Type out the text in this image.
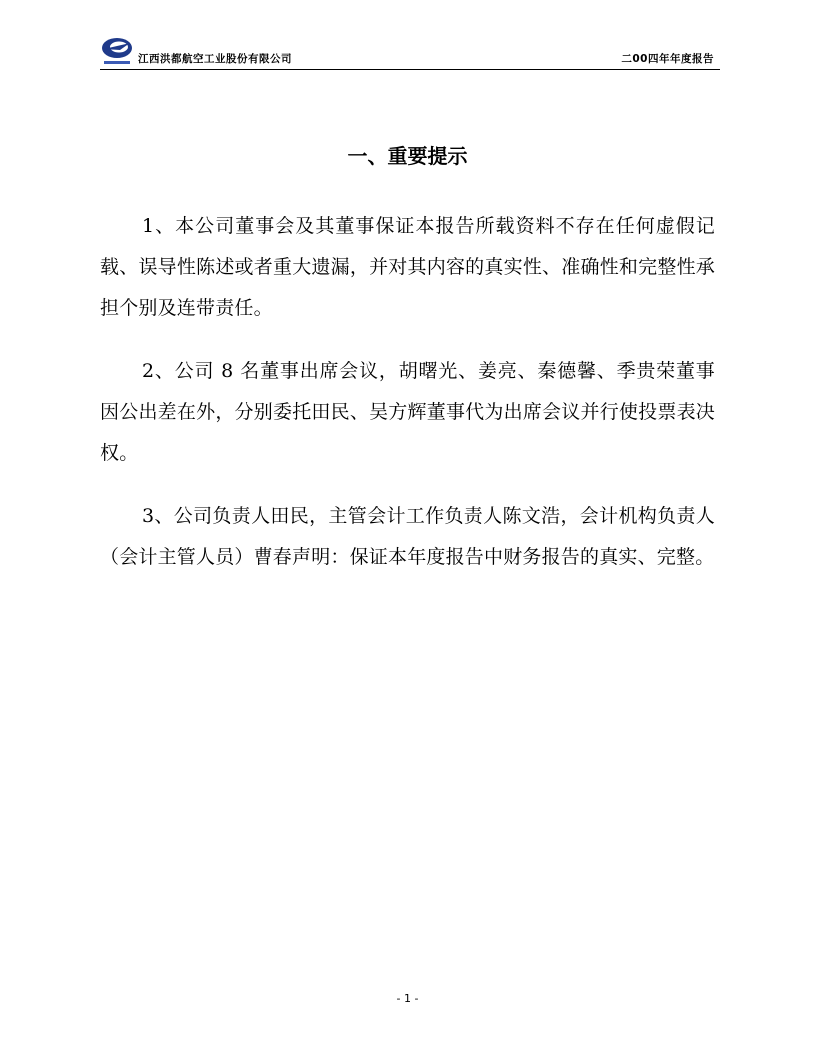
江西洪都航空工业股份有限公司	二00四年年度报告
一、重要提示

1、本公司董事会及其董事保证本报告所载资料不存在任何虚假记载、误导性陈述或者重大遗漏，并对其内容的真实性、准确性和完整性承担个别及连带责任。

2、公司 8 名董事出席会议，胡曙光、姜亮、秦德馨、季贵荣董事因公出差在外，分别委托田民、吴方辉董事代为出席会议并行使投票表决权。

3、公司负责人田民，主管会计工作负责人陈文浩，会计机构负责人（会计主管人员）曹春声明：保证本年度报告中财务报告的真实、完整。

- 1 -
